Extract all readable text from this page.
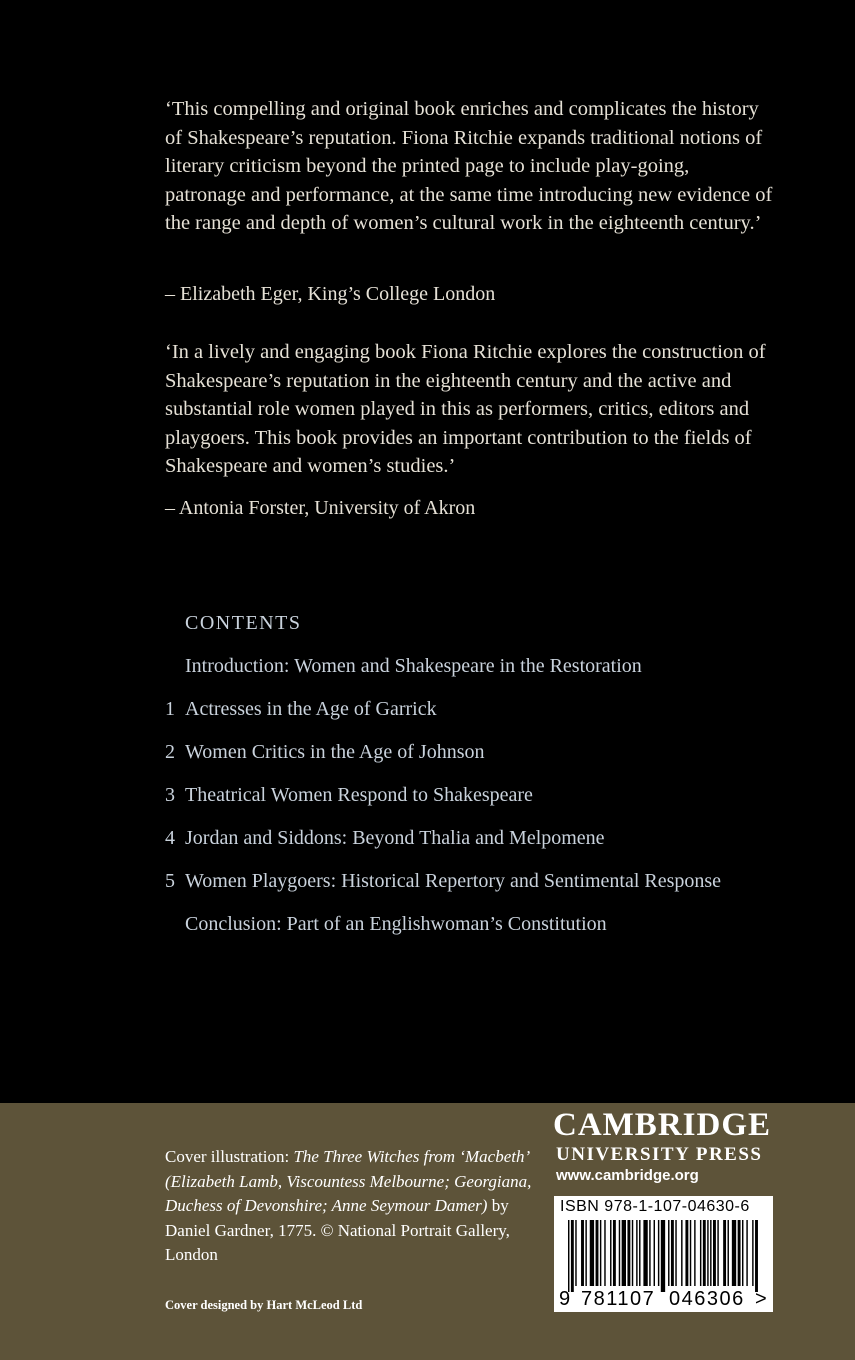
‘This compelling and original book enriches and complicates the history of Shakespeare’s reputation. Fiona Ritchie expands traditional notions of literary criticism beyond the printed page to include play-going, patronage and performance, at the same time introducing new evidence of the range and depth of women’s cultural work in the eighteenth century.’
– Elizabeth Eger, King’s College London
‘In a lively and engaging book Fiona Ritchie explores the construction of Shakespeare’s reputation in the eighteenth century and the active and substantial role women played in this as performers, critics, editors and playgoers. This book provides an important contribution to the fields of Shakespeare and women’s studies.’
– Antonia Forster, University of Akron
CONTENTS
Introduction: Women and Shakespeare in the Restoration
1 Actresses in the Age of Garrick
2 Women Critics in the Age of Johnson
3 Theatrical Women Respond to Shakespeare
4 Jordan and Siddons: Beyond Thalia and Melpomene
5 Women Playgoers: Historical Repertory and Sentimental Response
Conclusion: Part of an Englishwoman’s Constitution
Cover illustration: The Three Witches from ‘Macbeth’ (Elizabeth Lamb, Viscountess Melbourne; Georgiana, Duchess of Devonshire; Anne Seymour Damer) by Daniel Gardner, 1775. © National Portrait Gallery, London
Cover designed by Hart McLeod Ltd
CAMBRIDGE
UNIVERSITY PRESS
www.cambridge.org
ISBN 978-1-107-04630-6
9 781107 046306 >
